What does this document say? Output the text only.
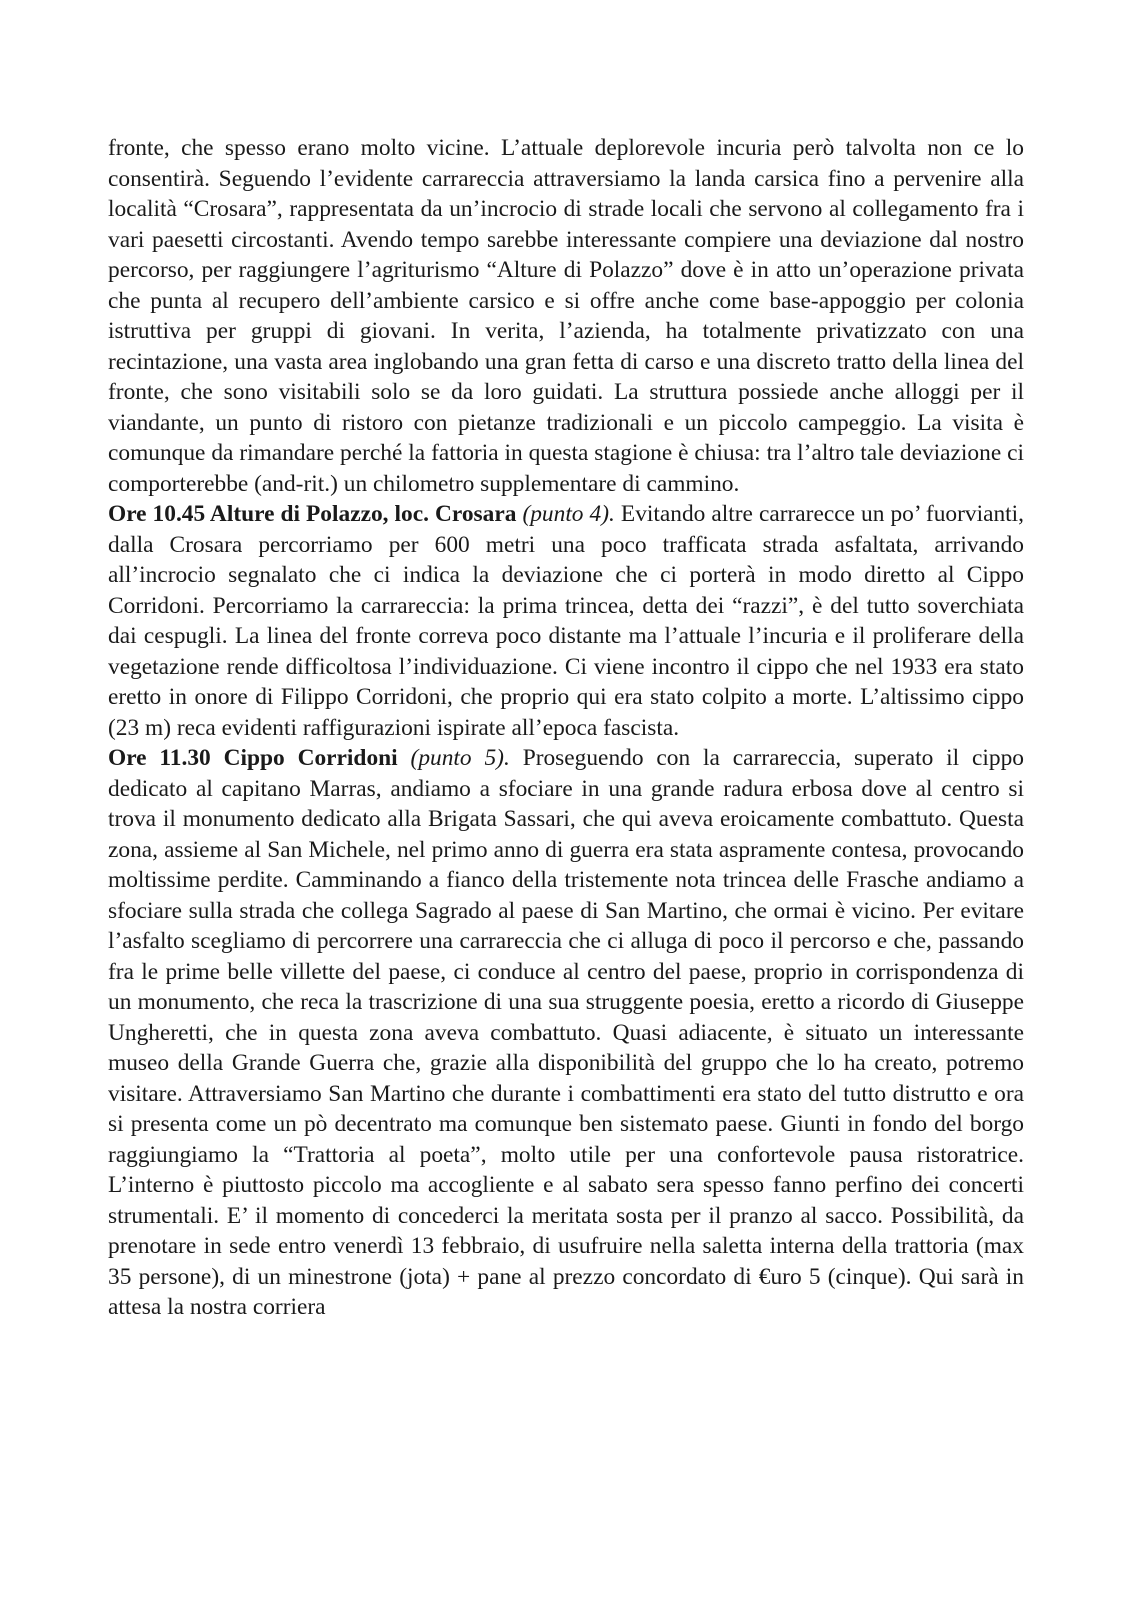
fronte, che spesso erano molto vicine. L’attuale deplorevole incuria però talvolta non ce lo consentirà. Seguendo l’evidente carrareccia attraversiamo la landa carsica fino a pervenire alla località “Crosara”, rappresentata da un’incrocio di strade locali che servono al collegamento fra i vari paesetti circostanti. Avendo tempo sarebbe interessante compiere una deviazione dal nostro percorso, per raggiungere l’agriturismo “Alture di Polazzo” dove è in atto un’operazione privata che punta al recupero dell’ambiente carsico e si offre anche come base-appoggio per colonia istruttiva per gruppi di giovani. In verita, l’azienda, ha totalmente privatizzato con una recintazione, una vasta area inglobando una gran fetta di carso e una discreto tratto della linea del fronte, che sono visitabili solo se da loro guidati. La struttura possiede anche alloggi per il viandante, un punto di ristoro con pietanze tradizionali e un piccolo campeggio. La visita è comunque da rimandare perché la fattoria in questa stagione è chiusa: tra l’altro tale deviazione ci comporterebbe (and-rit.) un chilometro supplementare di cammino.

Ore 10.45 Alture di Polazzo, loc. Crosara (punto 4). Evitando altre carrarecce un po’ fuorvianti, dalla Crosara percorriamo per 600 metri una poco trafficata strada asfaltata, arrivando all’incrocio segnalato che ci indica la deviazione che ci porterà in modo diretto al Cippo Corridoni. Percorriamo la carrareccia: la prima trincea, detta dei “razzi”, è del tutto soverchiata dai cespugli. La linea del fronte correva poco distante ma l’attuale l’incuria e il proliferare della vegetazione rende difficoltosa l’individuazione. Ci viene incontro il cippo che nel 1933 era stato eretto in onore di Filippo Corridoni, che proprio qui era stato colpito a morte. L’altissimo cippo (23 m) reca evidenti raffigurazioni ispirate all’epoca fascista.

Ore 11.30 Cippo Corridoni (punto 5). Proseguendo con la carrareccia, superato il cippo dedicato al capitano Marras, andiamo a sfociare in una grande radura erbosa dove al centro si trova il monumento dedicato alla Brigata Sassari, che qui aveva eroicamente combattuto. Questa zona, assieme al San Michele, nel primo anno di guerra era stata aspramente contesa, provocando moltissime perdite. Camminando a fianco della tristemente nota trincea delle Frasche andiamo a sfociare sulla strada che collega Sagrado al paese di San Martino, che ormai è vicino. Per evitare l’asfalto scegliamo di percorrere una carrareccia che ci alluga di poco il percorso e che, passando fra le prime belle villette del paese, ci conduce al centro del paese, proprio in corrispondenza di un monumento, che reca la trascrizione di una sua struggente poesia, eretto a ricordo di Giuseppe Ungheretti, che in questa zona aveva combattuto. Quasi adiacente, è situato un interessante museo della Grande Guerra che, grazie alla disponibilità del gruppo che lo ha creato, potremo visitare. Attraversiamo San Martino che durante i combattimenti era stato del tutto distrutto e ora si presenta come un pò decentrato ma comunque ben sistemato paese. Giunti in fondo del borgo raggiungiamo la “Trattoria al poeta”, molto utile per una confortevole pausa ristoratrice. L’interno è piuttosto piccolo ma accogliente e al sabato sera spesso fanno perfino dei concerti strumentali. E’ il momento di concederci la meritata sosta per il pranzo al sacco. Possibilità, da prenotare in sede entro venerdì 13 febbraio, di usufruire nella saletta interna della trattoria (max 35 persone), di un minestrone (jota) + pane al prezzo concordato di €uro 5 (cinque). Qui sarà in attesa la nostra corriera
